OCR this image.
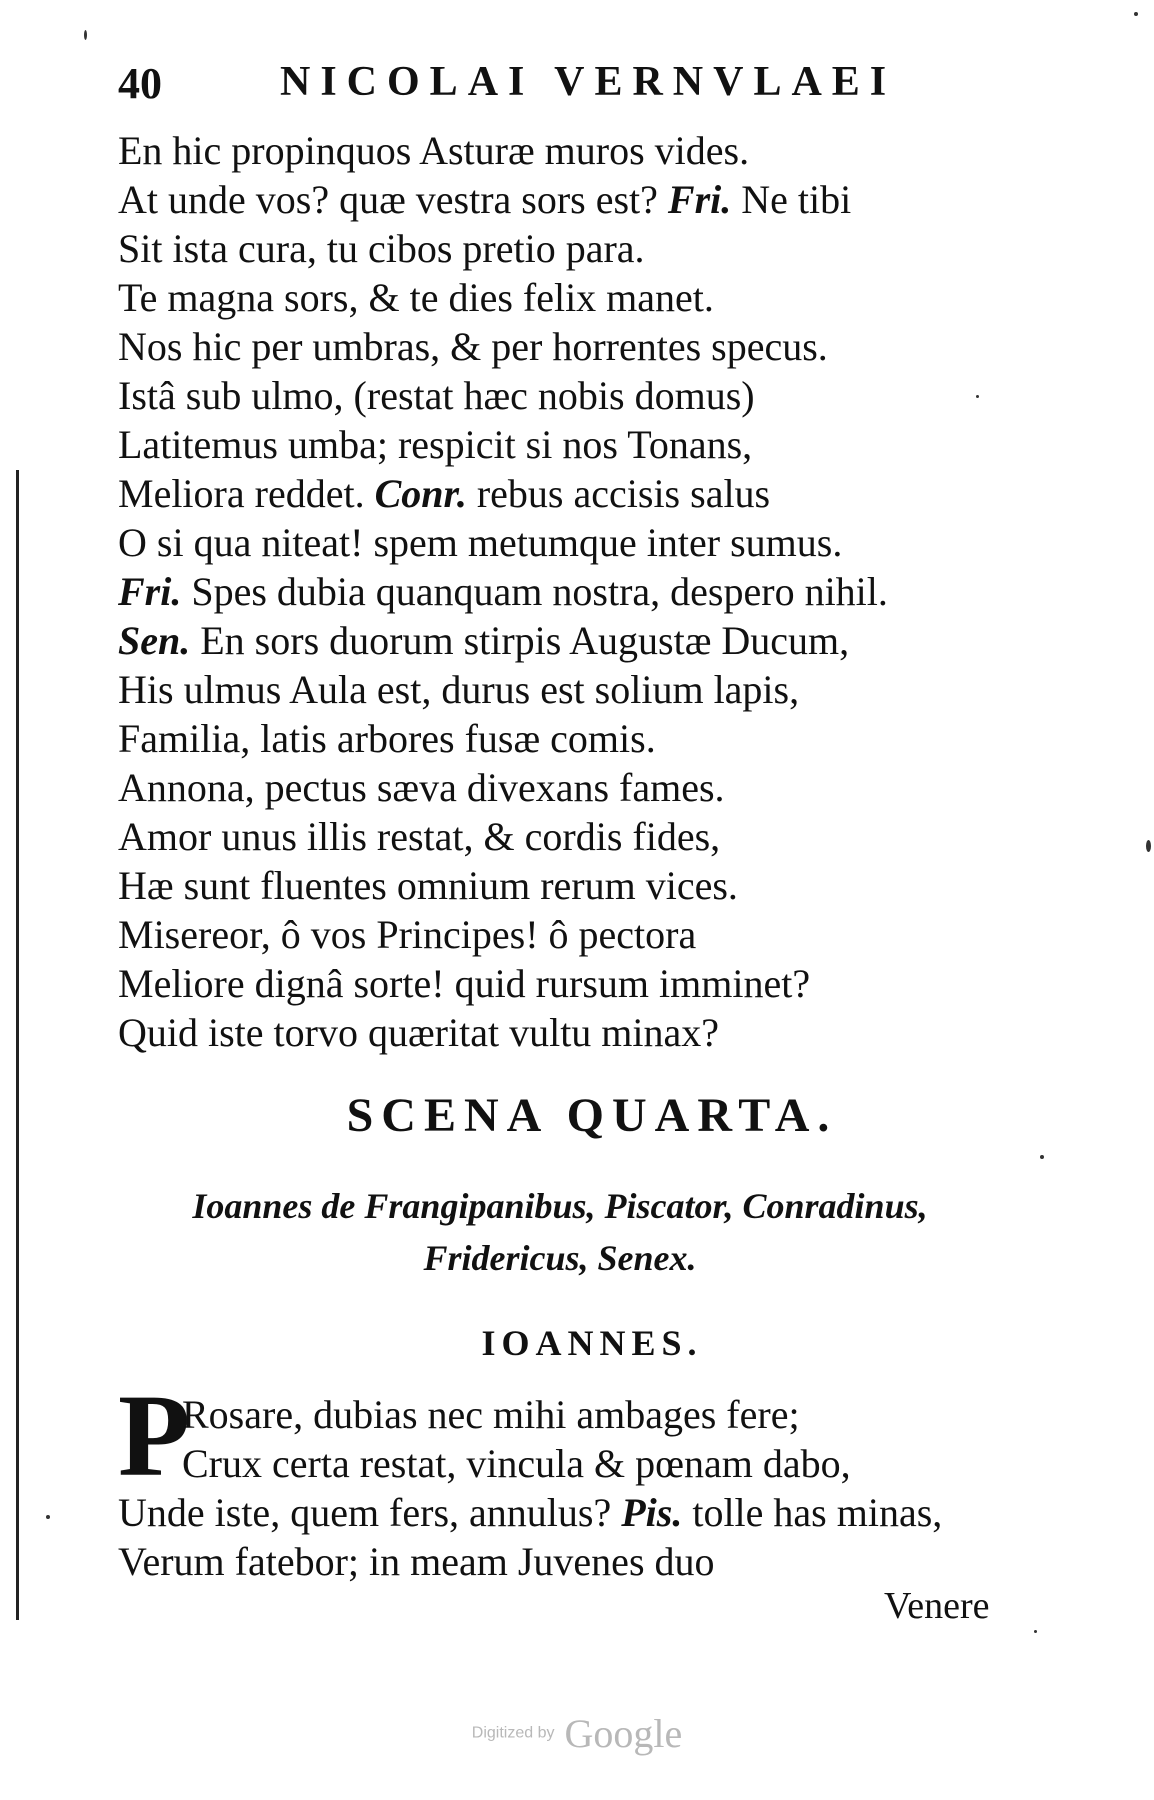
40	NICOLAI VERNVLAEI
En hic propinquos Asturæ muros vides.
At unde vos? quæ vestra sors est? Fri. Ne tibi
Sit ista cura, tu cibos pretio para.
Te magna sors, & te dies felix manet.
Nos hic per umbras, & per horrentes specus.
Istâ sub ulmo, (restat hæc nobis domus)
Latitemus umba; respicit si nos Tonans,
Meliora reddet. Conr. rebus accisis salus
O si qua niteat! spem metumque inter sumus.
Fri. Spes dubia quanquam nostra, despero nihil.
Sen. En sors duorum stirpis Augustæ Ducum,
His ulmus Aula est, durus est solium lapis,
Familia, latis arbores fusæ comis.
Annona, pectus sæva divexans fames.
Amor unus illis restat, & cordis fides,
Hæ sunt fluentes omnium rerum vices.
Misereor, ô vos Principes! ô pectora
Meliore dignâ sorte! quid rursum imminet?
Quid iste torvo quæritat vultu minax?
SCENA QUARTA.
Ioannes de Frangipanibus, Piscator, Conradinus,
Fridericus, Senex.
IOANNES.
P
Rosare, dubias nec mihi ambages fere;
Crux certa restat, vincula & pœnam dabo,
Unde iste, quem fers, annulus? Pis. tolle has minas,
Verum fatebor; in meam Juvenes duo
Venere
Digitized by Google
